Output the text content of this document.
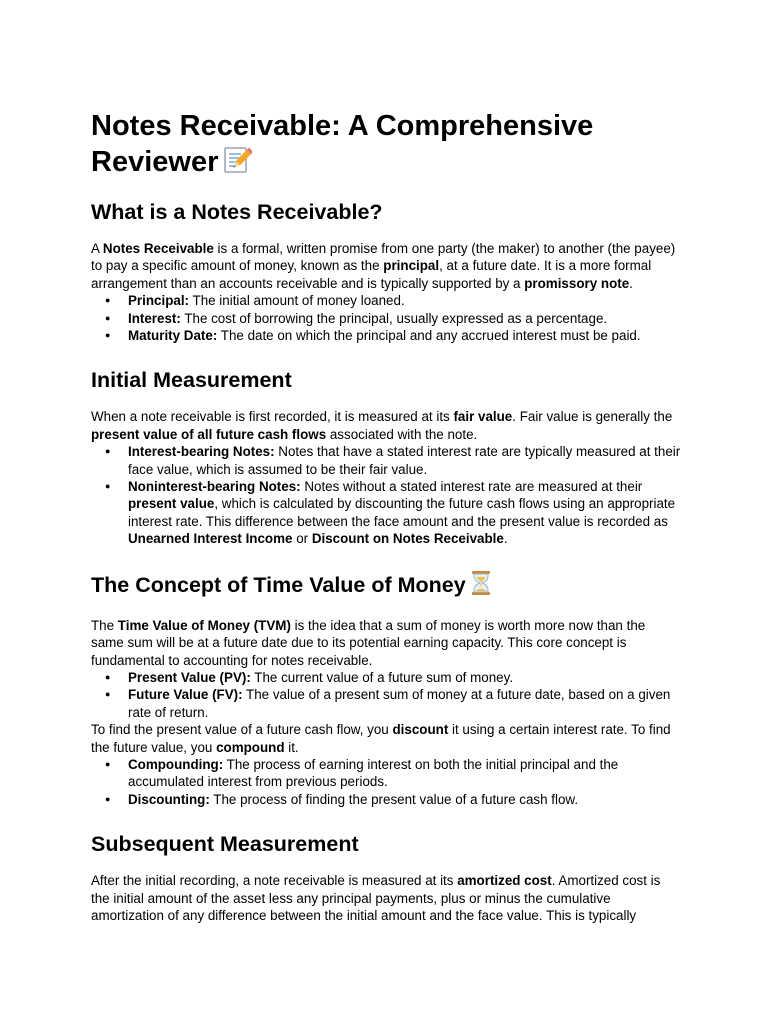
Notes Receivable: A Comprehensive Reviewer
What is a Notes Receivable?

A Notes Receivable is a formal, written promise from one party (the maker) to another (the payee) to pay a specific amount of money, known as the principal, at a future date. It is a more formal arrangement than an accounts receivable and is typically supported by a promissory note.

● Principal: The initial amount of money loaned.
● Interest: The cost of borrowing the principal, usually expressed as a percentage.
● Maturity Date: The date on which the principal and any accrued interest must be paid.
Initial Measurement

When a note receivable is first recorded, it is measured at its fair value. Fair value is generally the present value of all future cash flows associated with the note.

● Interest-bearing Notes: Notes that have a stated interest rate are typically measured at their face value, which is assumed to be their fair value.
● Noninterest-bearing Notes: Notes without a stated interest rate are measured at their present value, which is calculated by discounting the future cash flows using an appropriate interest rate. This difference between the face amount and the present value is recorded as Unearned Interest Income or Discount on Notes Receivable.
The Concept of Time Value of Money

The Time Value of Money (TVM) is the idea that a sum of money is worth more now than the same sum will be at a future date due to its potential earning capacity. This core concept is fundamental to accounting for notes receivable.

● Present Value (PV): The current value of a future sum of money.
● Future Value (FV): The value of a present sum of money at a future date, based on a given rate of return.

To find the present value of a future cash flow, you discount it using a certain interest rate. To find the future value, you compound it.

● Compounding: The process of earning interest on both the initial principal and the accumulated interest from previous periods.
● Discounting: The process of finding the present value of a future cash flow.
Subsequent Measurement

After the initial recording, a note receivable is measured at its amortized cost. Amortized cost is the initial amount of the asset less any principal payments, plus or minus the cumulative amortization of any difference between the initial amount and the face value. This is typically
